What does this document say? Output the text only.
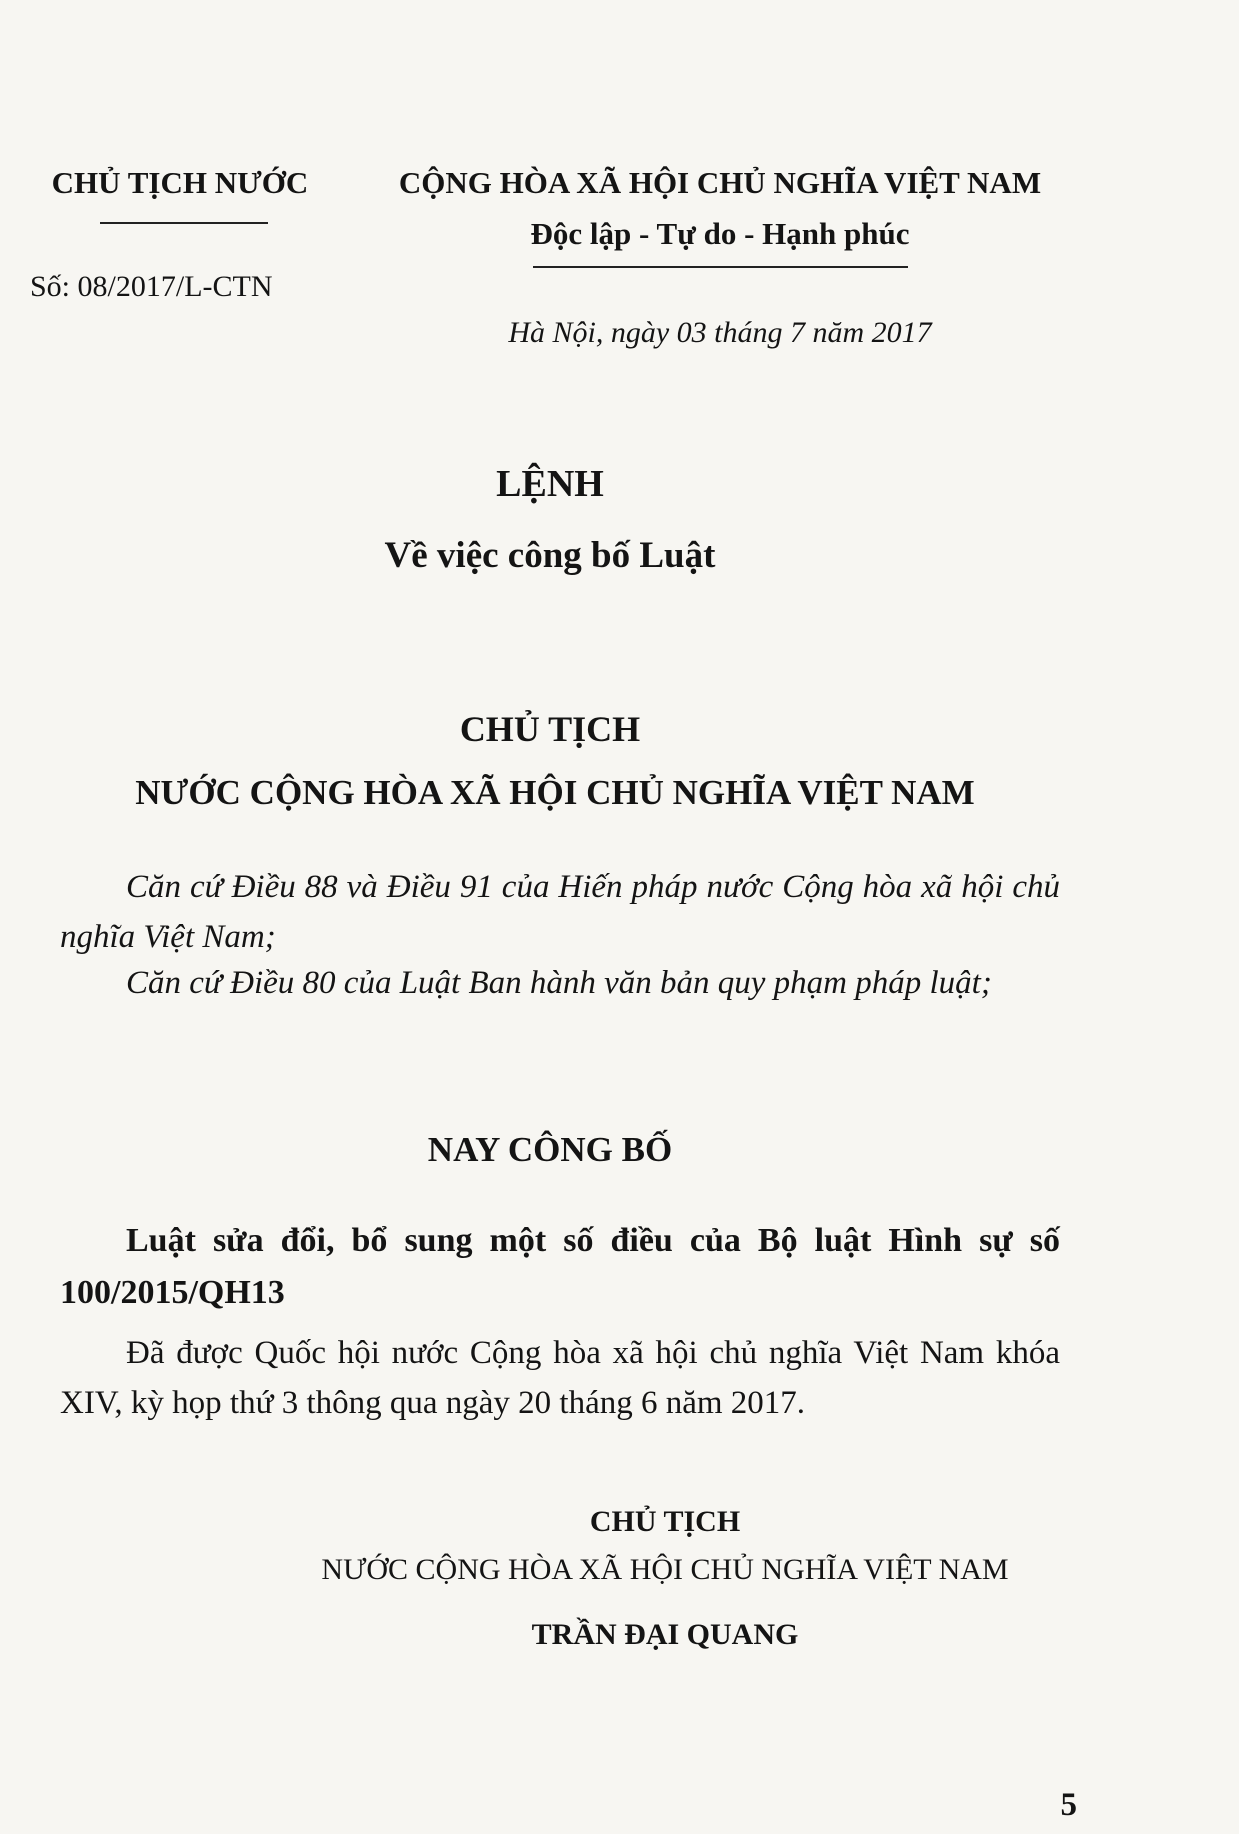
CHỦ TỊCH NƯỚC
Số: 08/2017/L-CTN
CỘNG HÒA XÃ HỘI CHỦ NGHĨA VIỆT NAM
Độc lập - Tự do - Hạnh phúc
Hà Nội, ngày 03 tháng 7 năm 2017
LỆNH
Về việc công bố Luật
CHỦ TỊCH
NƯỚC CỘNG HÒA XÃ HỘI CHỦ NGHĨA VIỆT NAM
Căn cứ Điều 88 và Điều 91 của Hiến pháp nước Cộng hòa xã hội chủ nghĩa Việt Nam;
Căn cứ Điều 80 của Luật Ban hành văn bản quy phạm pháp luật;
NAY CÔNG BỐ
Luật sửa đổi, bổ sung một số điều của Bộ luật Hình sự số 100/2015/QH13
Đã được Quốc hội nước Cộng hòa xã hội chủ nghĩa Việt Nam khóa XIV, kỳ họp thứ 3 thông qua ngày 20 tháng 6 năm 2017.
CHỦ TỊCH
NƯỚC CỘNG HÒA XÃ HỘI CHỦ NGHĨA VIỆT NAM
TRẦN ĐẠI QUANG
5
